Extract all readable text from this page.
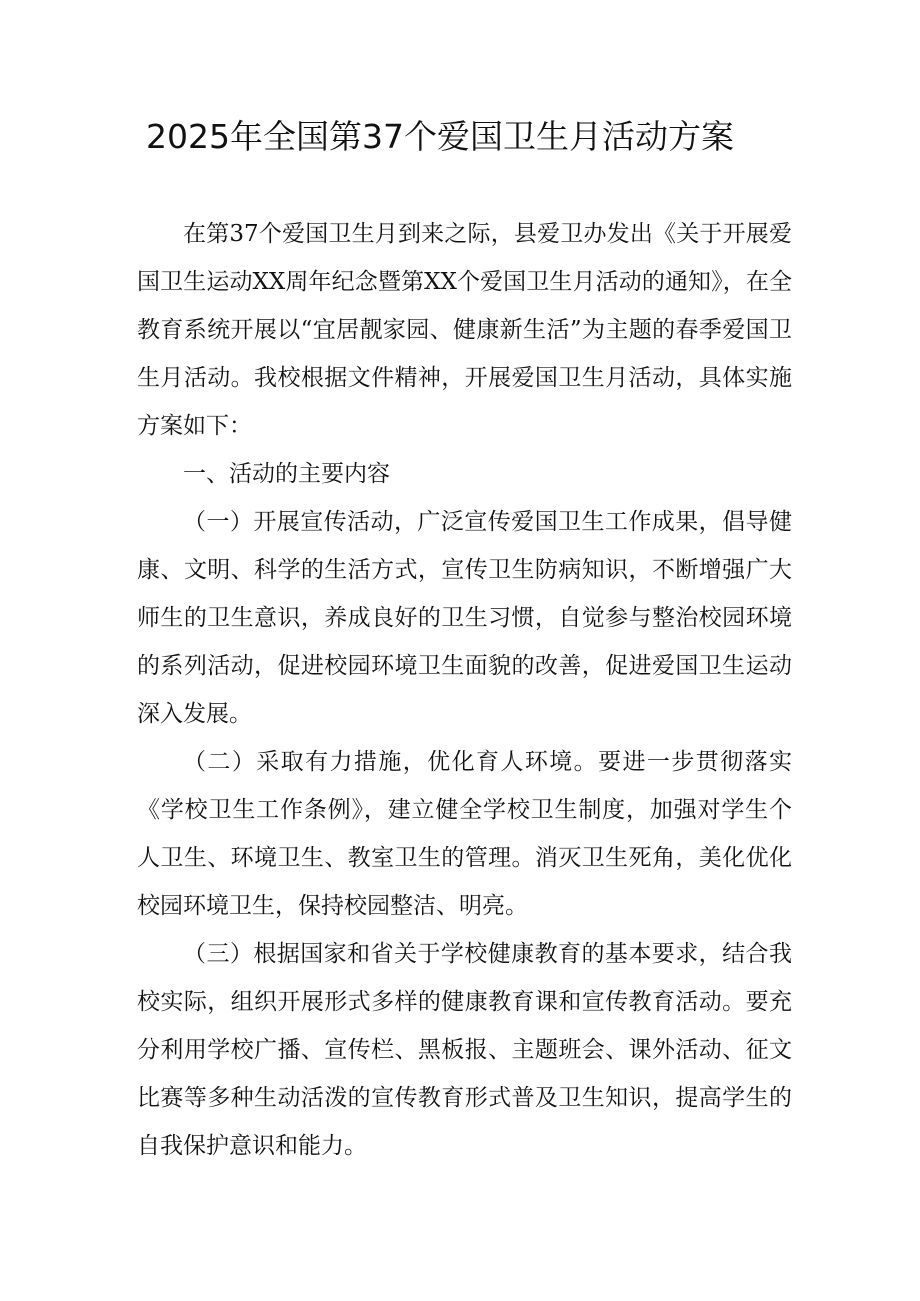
2025年全国第37个爱国卫生月活动方案

在第37个爱国卫生月到来之际，县爱卫办发出《关于开展爱国卫生运动XX周年纪念暨第XX个爱国卫生月活动的通知》，在全教育系统开展以“宜居靓家园、健康新生活”为主题的春季爱国卫生月活动。我校根据文件精神，开展爱国卫生月活动，具体实施方案如下：

一、活动的主要内容

（一）开展宣传活动，广泛宣传爱国卫生工作成果，倡导健康、文明、科学的生活方式，宣传卫生防病知识，不断增强广大师生的卫生意识，养成良好的卫生习惯，自觉参与整治校园环境的系列活动，促进校园环境卫生面貌的改善，促进爱国卫生运动深入发展。

（二）采取有力措施，优化育人环境。要进一步贯彻落实《学校卫生工作条例》，建立健全学校卫生制度，加强对学生个人卫生、环境卫生、教室卫生的管理。消灭卫生死角，美化优化校园环境卫生，保持校园整洁、明亮。

（三）根据国家和省关于学校健康教育的基本要求，结合我校实际，组织开展形式多样的健康教育课和宣传教育活动。要充分利用学校广播、宣传栏、黑板报、主题班会、课外活动、征文比赛等多种生动活泼的宣传教育形式普及卫生知识，提高学生的自我保护意识和能力。
